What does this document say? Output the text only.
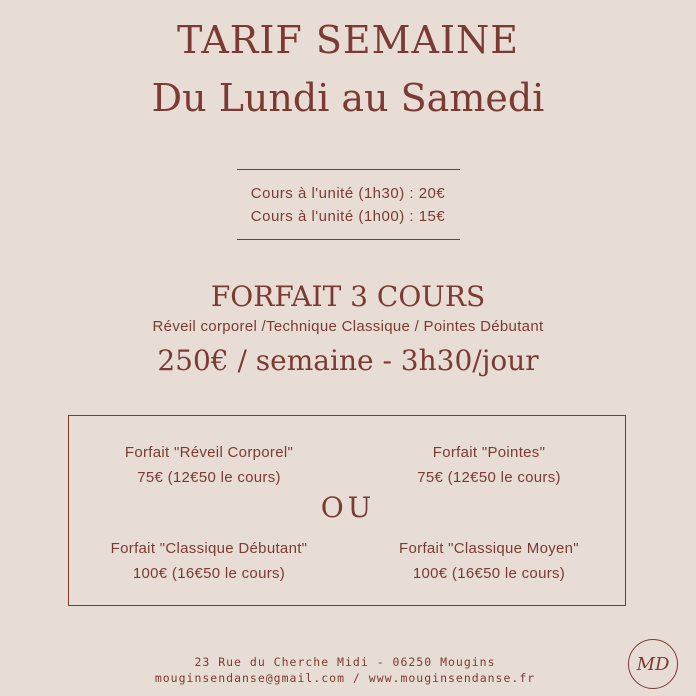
TARIF SEMAINE
Du Lundi au Samedi
Cours à l'unité (1h30) : 20€
Cours à l'unité (1h00) : 15€
FORFAIT 3 COURS
Réveil corporel /Technique Classique / Pointes Débutant
250€ / semaine - 3h30/jour
Forfait "Réveil Corporel"
75€ (12€50 le cours)
Forfait "Pointes"
75€ (12€50 le cours)
OU
Forfait "Classique Débutant"
100€ (16€50 le cours)
Forfait "Classique Moyen"
100€ (16€50 le cours)
23 Rue du Cherche Midi - 06250 Mougins
mouginsendanse@gmail.com / www.mouginsendanse.fr
MD
